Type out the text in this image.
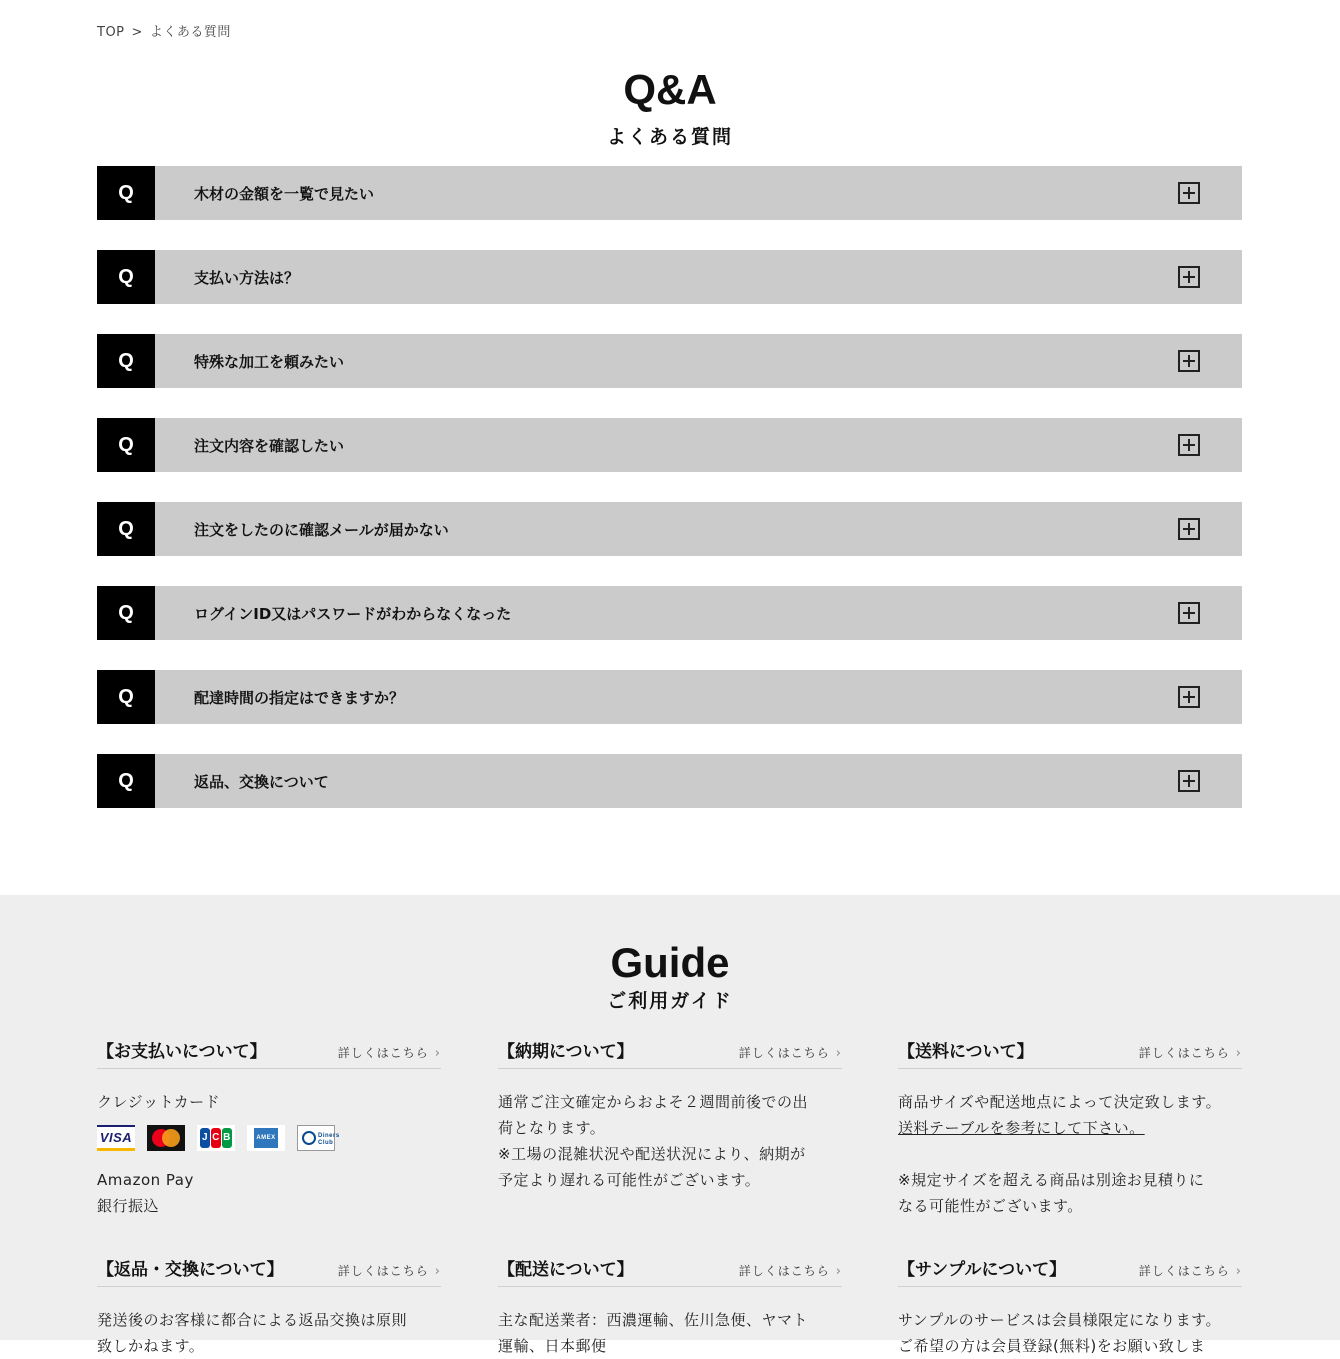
TOP > よくある質問
Q&A
よくある質問
Q	木材の金額を一覧で見たい
Q	支払い方法は？
Q	特殊な加工を頼みたい
Q	注文内容を確認したい
Q	注文をしたのに確認メールが届かない
Q	ログインID又はパスワードがわからなくなった
Q	配達時間の指定はできますか？
Q	返品、交換について
Guide
ご利用ガイド
【お支払いについて】	詳しくはこちら ›

クレジットカード

VISA	J C B	AMEX	Diners
Club

Amazon Pay

銀行振込

【納期について】	詳しくはこちら ›

通常ご注文確定からおよそ２週間前後での出

荷となります。

※工場の混雑状況や配送状況により、納期が

予定より遅れる可能性がございます。

【送料について】	詳しくはこちら ›

商品サイズや配送地点によって決定致します。

送料テーブルを参考にして下さい。

※規定サイズを超える商品は別途お見積りに

なる可能性がございます。

【返品・交換について】	詳しくはこちら ›

発送後のお客様に都合による返品交換は原則

致しかねます。

【配送について】	詳しくはこちら ›

主な配送業者：西濃運輸、佐川急便、ヤマト

運輸、日本郵便

【サンプルについて】	詳しくはこちら ›

サンプルのサービスは会員様限定になります。

ご希望の方は会員登録(無料)をお願い致しま
